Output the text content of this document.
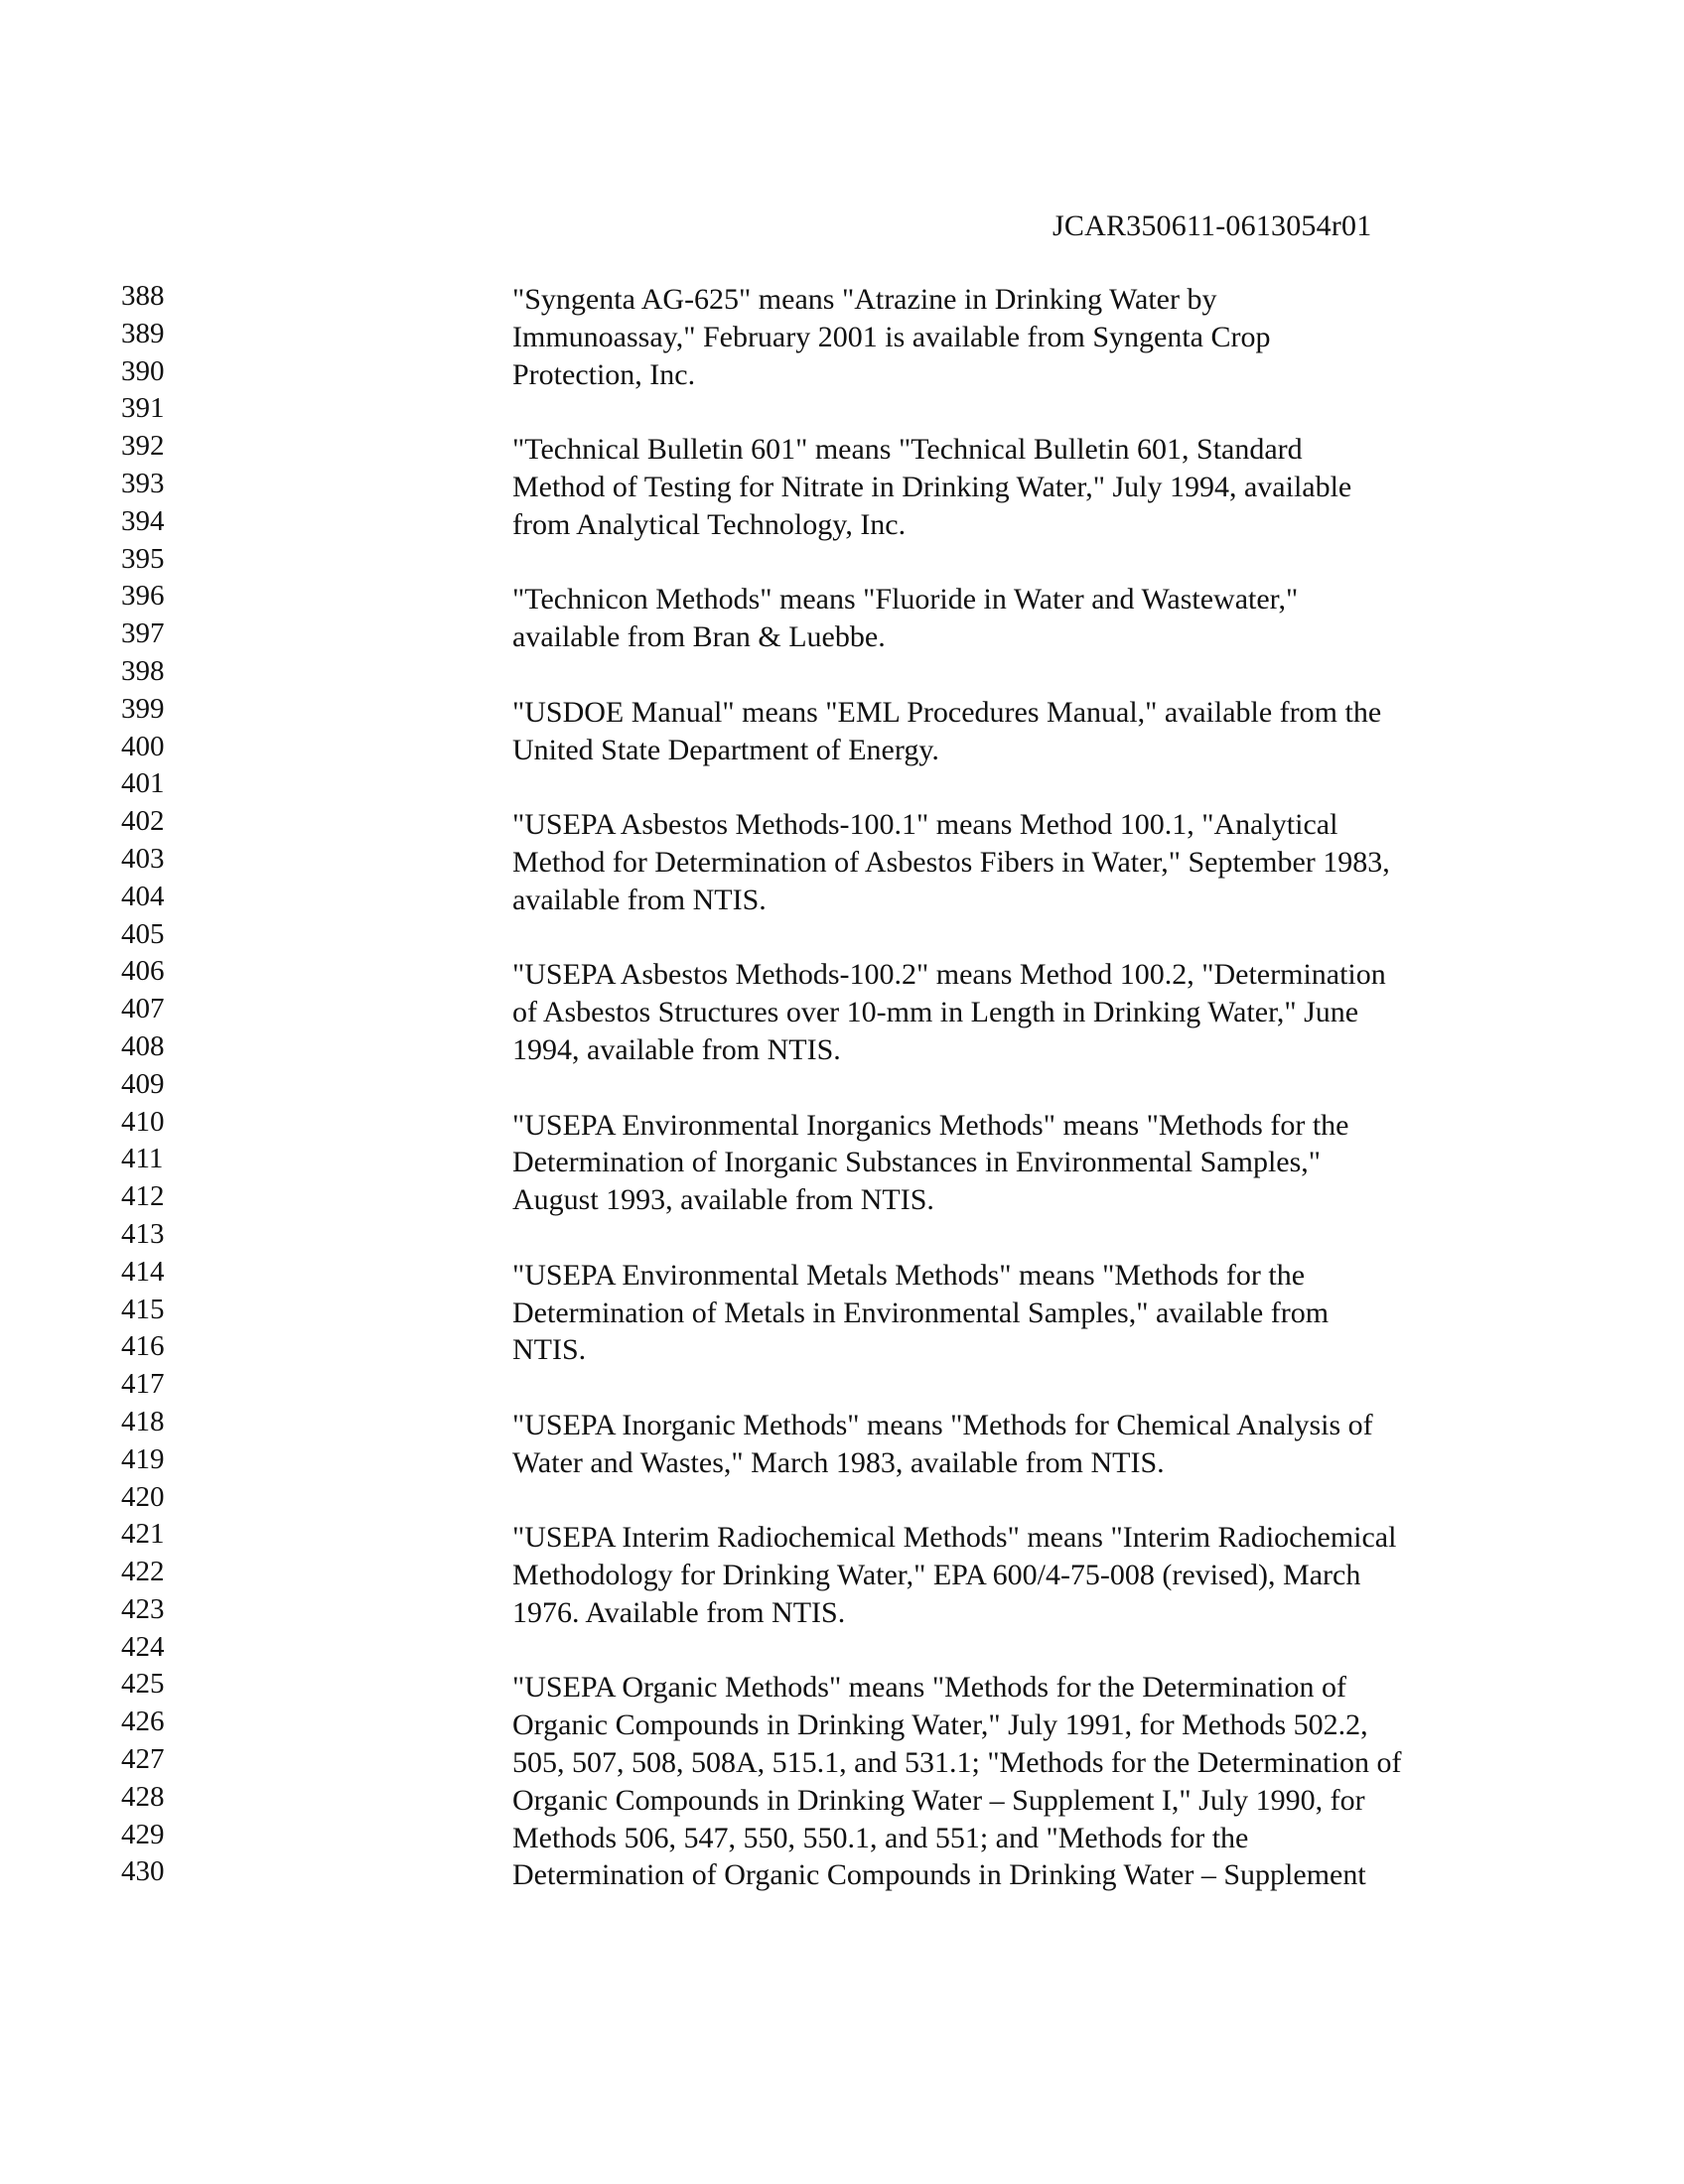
JCAR350611-0613054r01
388
389
390
391
392
393
394
395
396
397
398
399
400
401
402
403
404
405
406
407
408
409
410
411
412
413
414
415
416
417
418
419
420
421
422
423
424
425
426
427
428
429
430
"Syngenta AG-625" means "Atrazine in Drinking Water by
Immunoassay," February 2001 is available from Syngenta Crop
Protection, Inc.
"Technical Bulletin 601" means "Technical Bulletin 601, Standard
Method of Testing for Nitrate in Drinking Water," July 1994, available
from Analytical Technology, Inc.
"Technicon Methods" means "Fluoride in Water and Wastewater,"
available from Bran & Luebbe.
"USDOE Manual" means "EML Procedures Manual," available from the
United State Department of Energy.
"USEPA Asbestos Methods-100.1" means Method 100.1, "Analytical
Method for Determination of Asbestos Fibers in Water," September 1983,
available from NTIS.
"USEPA Asbestos Methods-100.2" means Method 100.2, "Determination
of Asbestos Structures over 10-mm in Length in Drinking Water," June
1994, available from NTIS.
"USEPA Environmental Inorganics Methods" means "Methods for the
Determination of Inorganic Substances in Environmental Samples,"
August 1993, available from NTIS.
"USEPA Environmental Metals Methods" means "Methods for the
Determination of Metals in Environmental Samples," available from
NTIS.
"USEPA Inorganic Methods" means "Methods for Chemical Analysis of
Water and Wastes," March 1983, available from NTIS.
"USEPA Interim Radiochemical Methods" means "Interim Radiochemical
Methodology for Drinking Water," EPA 600/4-75-008 (revised), March
1976. Available from NTIS.
"USEPA Organic Methods" means "Methods for the Determination of
Organic Compounds in Drinking Water," July 1991, for Methods 502.2,
505, 507, 508, 508A, 515.1, and 531.1; "Methods for the Determination of
Organic Compounds in Drinking Water – Supplement I," July 1990, for
Methods 506, 547, 550, 550.1, and 551; and "Methods for the
Determination of Organic Compounds in Drinking Water – Supplement
